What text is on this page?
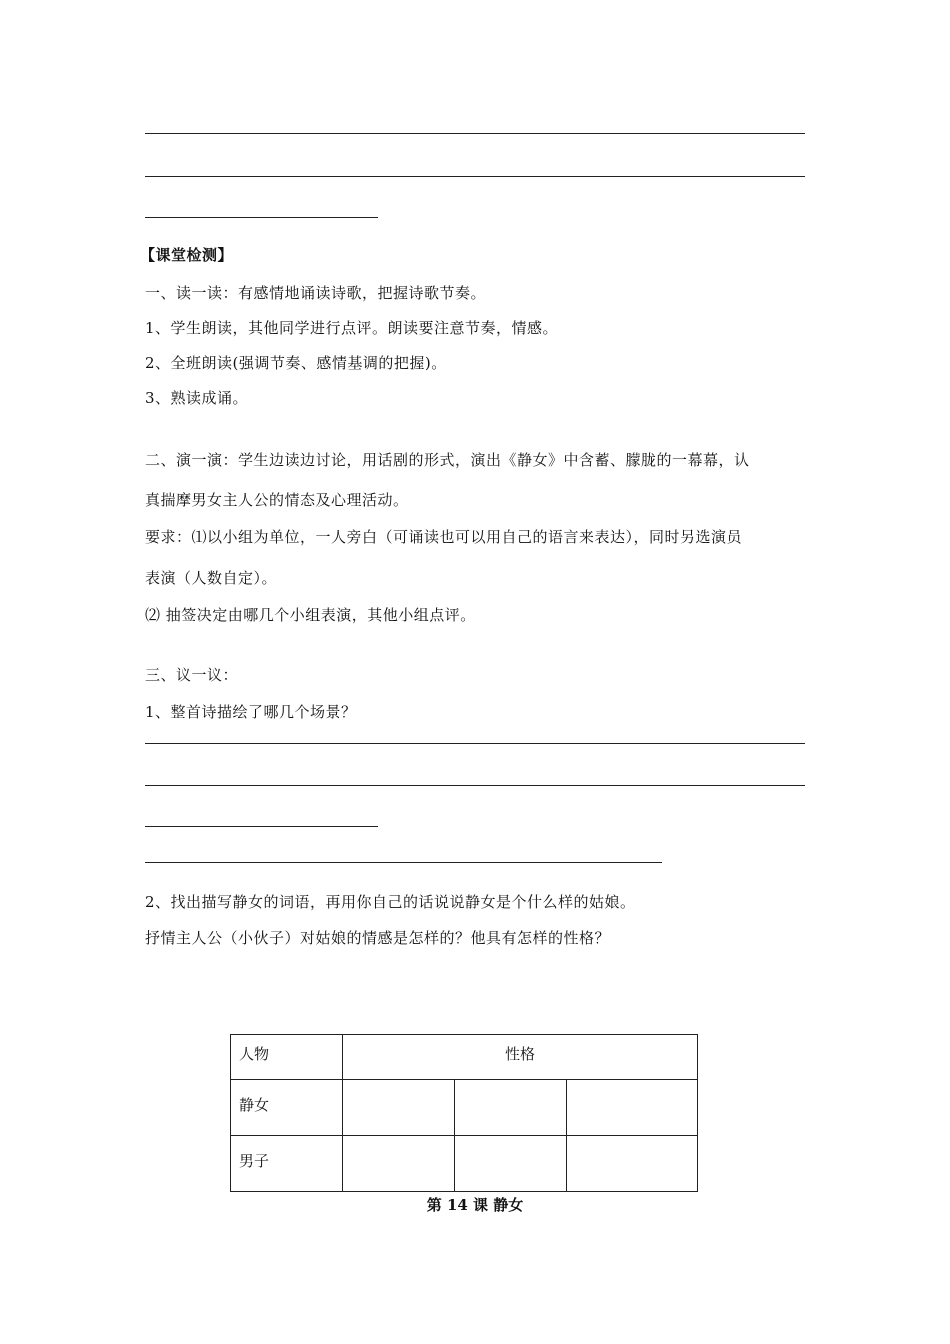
【课堂检测】
一、读一读：有感情地诵读诗歌，把握诗歌节奏。
1、学生朗读，其他同学进行点评。朗读要注意节奏，情感。
2、全班朗读(强调节奏、感情基调的把握)。
3、熟读成诵。
二、演一演：学生边读边讨论，用话剧的形式，演出《静女》中含蓄、朦胧的一幕幕，认
真揣摩男女主人公的情态及心理活动。
要求：⑴以小组为单位，一人旁白（可诵读也可以用自己的语言来表达），同时另选演员
表演（人数自定）。
⑵ 抽签决定由哪几个小组表演，其他小组点评。
三、议一议：
1、整首诗描绘了哪几个场景？
2、找出描写静女的词语，再用你自己的话说说静女是个什么样的姑娘。
抒情主人公（小伙子）对姑娘的情感是怎样的？他具有怎样的性格？
人物	性格		
静女			
男子			
第 14 课 静女
